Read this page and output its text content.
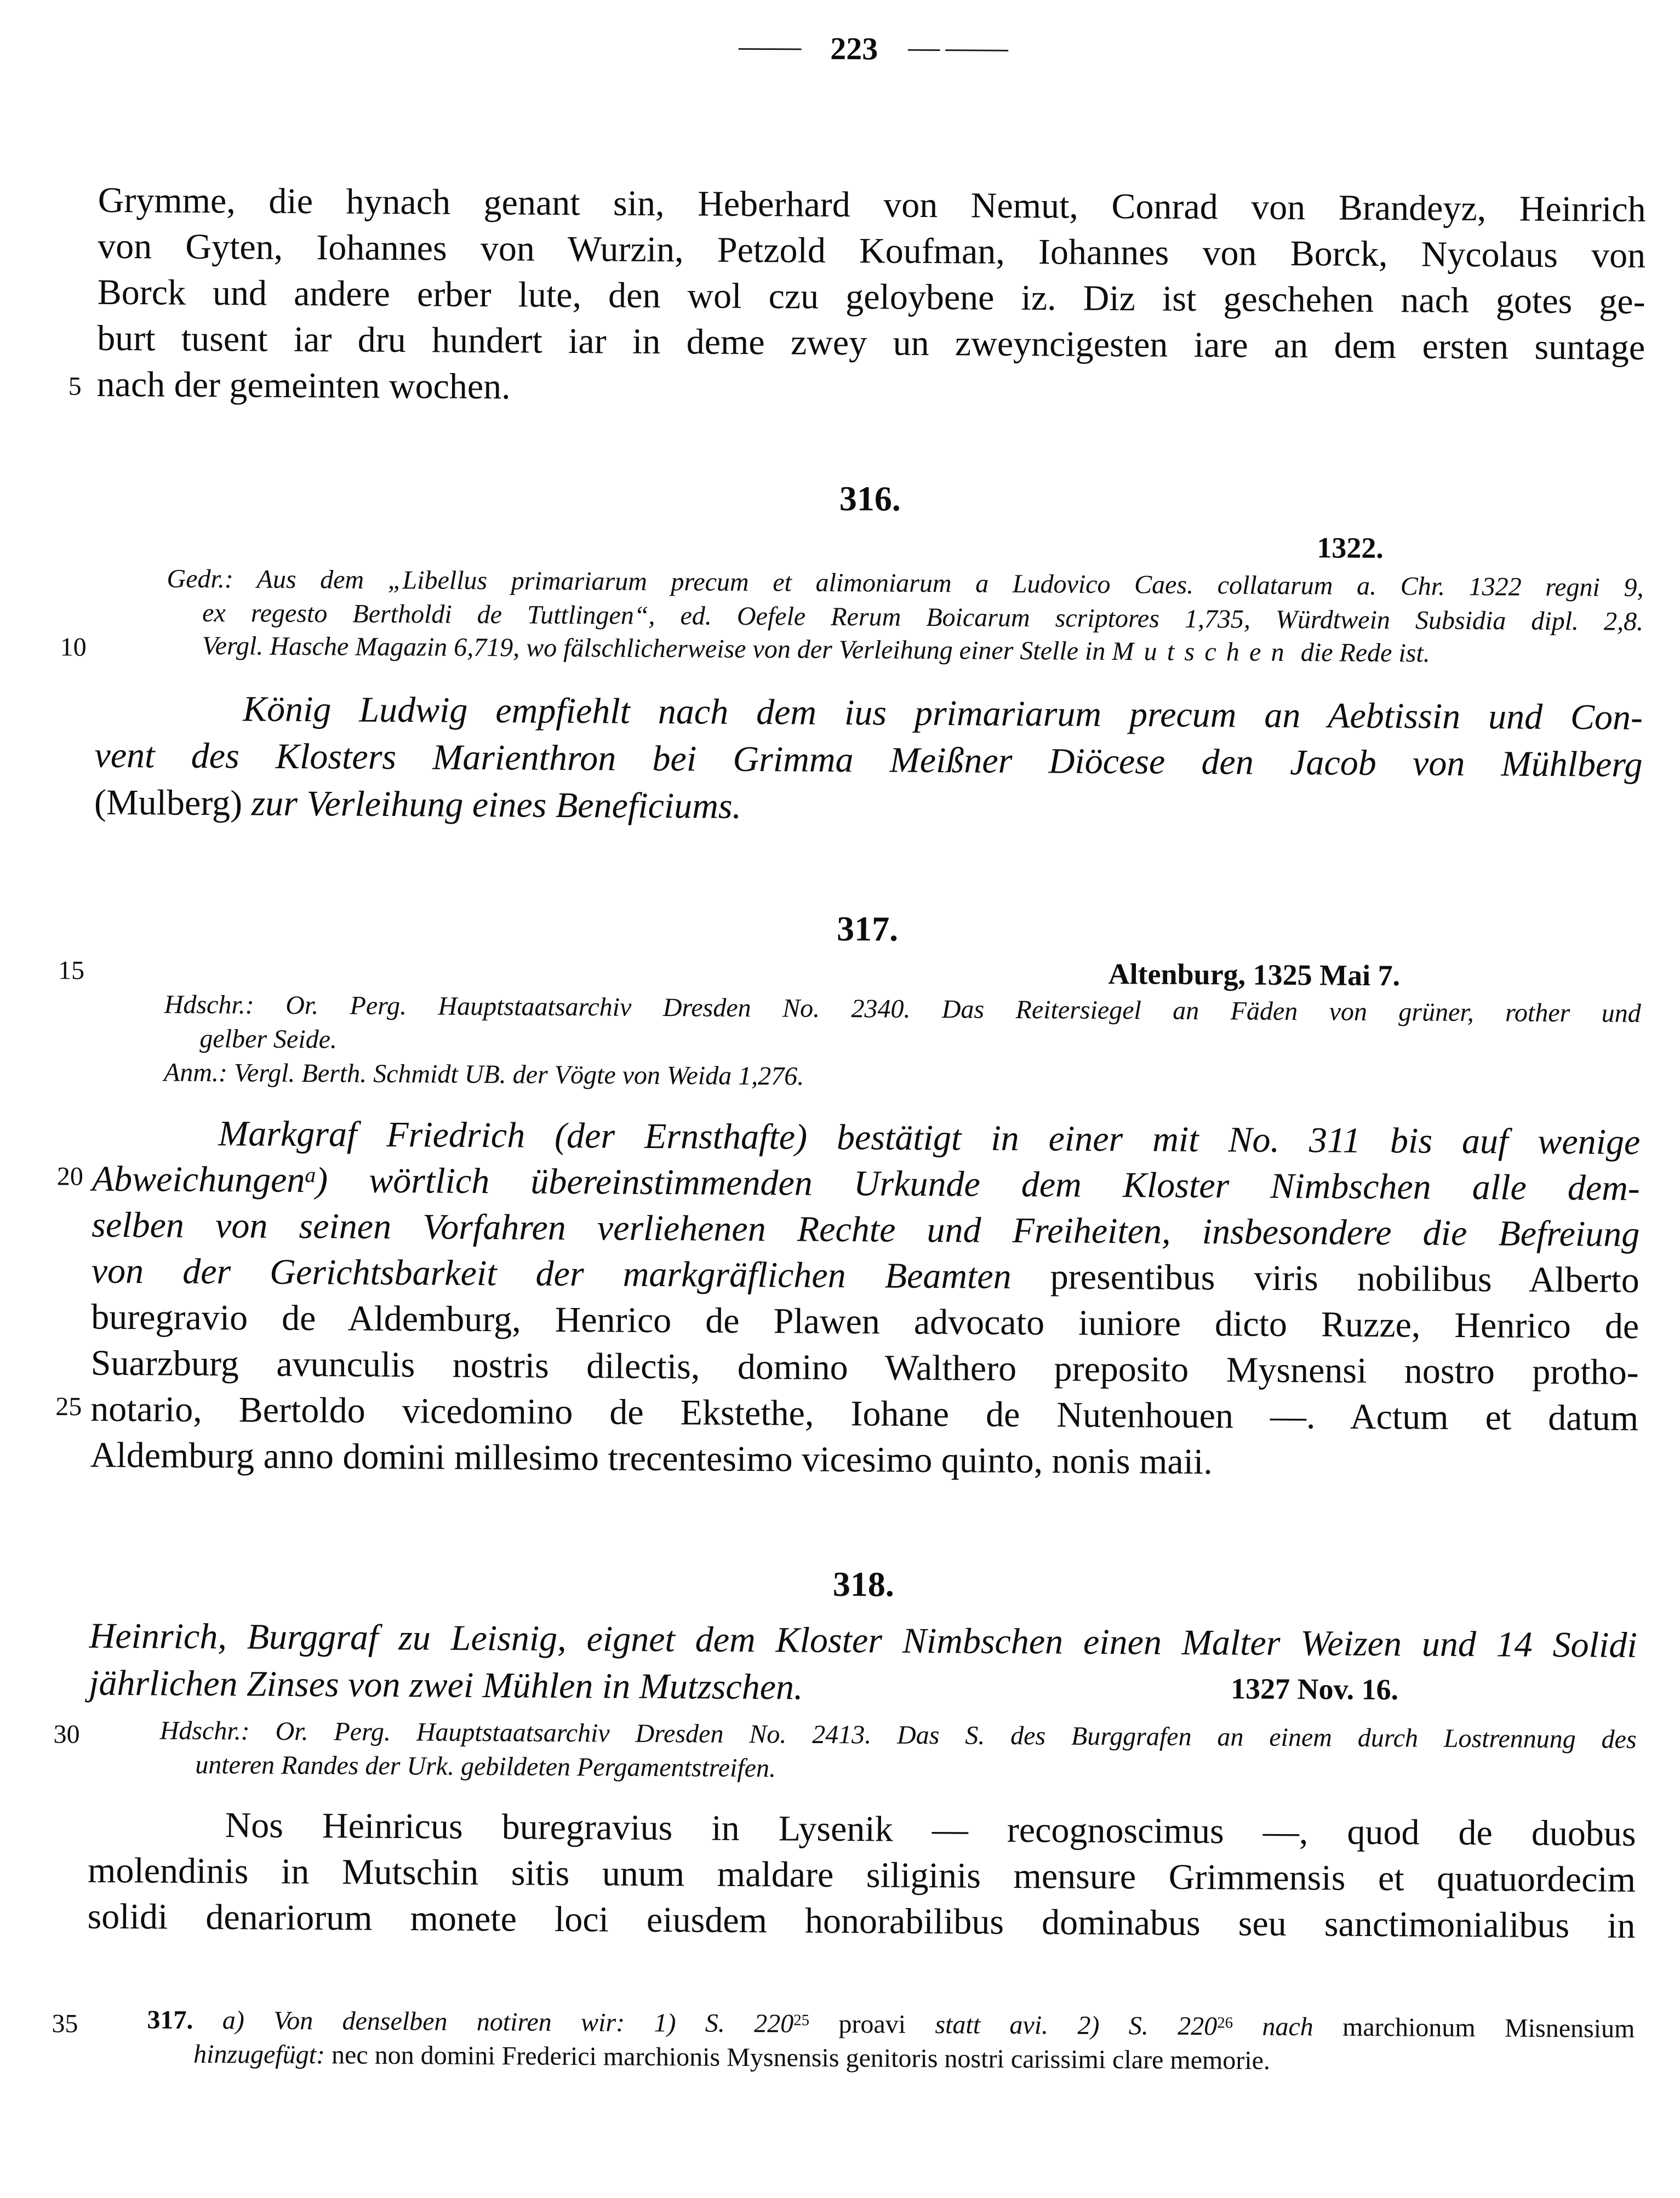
—— 223 — ——
5
10
15
20
25
30
35
Grymme, die hynach genant sin, Heberhard von Nemut, Conrad von Brandeyz, Heinrich
von Gyten, Iohannes von Wurzin, Petzold Koufman, Iohannes von Borck, Nycolaus von
Borck und andere erber lute, den wol czu geloybene iz. Diz ist geschehen nach gotes ge-
burt tusent iar dru hundert iar in deme zwey un zweyncigesten iare an dem ersten suntage
nach der gemeinten wochen.
316.
1322.
Gedr.: Aus dem „Libellus primariarum precum et alimoniarum a Ludovico Caes. collatarum a. Chr. 1322 regni 9,
ex regesto Bertholdi de Tuttlingen“, ed. Oefele Rerum Boicarum scriptores 1,735, Würdtwein Subsidia dipl. 2,8.
Vergl. Hasche Magazin 6,719, wo fälschlicherweise von der Verleihung einer Stelle in Mutschen die Rede ist.
König Ludwig empfiehlt nach dem ius primariarum precum an Aebtissin und Con-
vent des Klosters Marienthron bei Grimma Meißner Diöcese den Jacob von Mühlberg
(Mulberg) zur Verleihung eines Beneficiums.
317.
Altenburg, 1325 Mai 7.
Hdschr.: Or. Perg. Hauptstaatsarchiv Dresden No. 2340. Das Reitersiegel an Fäden von grüner, rother und
gelber Seide.
Anm.: Vergl. Berth. Schmidt UB. der Vögte von Weida 1,276.
Markgraf Friedrich (der Ernsthafte) bestätigt in einer mit No. 311 bis auf wenige
Abweichungen$^a$) wörtlich übereinstimmenden Urkunde dem Kloster Nimbschen alle dem-
selben von seinen Vorfahren verliehenen Rechte und Freiheiten, insbesondere die Befreiung
von der Gerichtsbarkeit der markgräflichen Beamten presentibus viris nobilibus Alberto
buregravio de Aldemburg, Henrico de Plawen advocato iuniore dicto Ruzze, Henrico de
Suarzburg avunculis nostris dilectis, domino Walthero preposito Mysnensi nostro protho-
notario, Bertoldo vicedomino de Ekstethe, Iohane de Nutenhouen —. Actum et datum
Aldemburg anno domini millesimo trecentesimo vicesimo quinto, nonis maii.
318.
Heinrich, Burggraf zu Leisnig, eignet dem Kloster Nimbschen einen Malter Weizen und 14 Solidi
jährlichen Zinses von zwei Mühlen in Mutzschen.	1327 Nov. 16.
Hdschr.: Or. Perg. Hauptstaatsarchiv Dresden No. 2413. Das S. des Burggrafen an einem durch Lostrennung des
unteren Randes der Urk. gebildeten Pergamentstreifen.
Nos Heinricus buregravius in Lysenik — recognoscimus —, quod de duobus
molendinis in Mutschin sitis unum maldare siliginis mensure Grimmensis et quatuordecim
solidi denariorum monete loci eiusdem honorabilibus dominabus seu sanctimonialibus in
317. a) Von denselben notiren wir: 1) S. $220^{25}$ proavi statt avi. 2) S. $220^{26}$ nach marchionum Misnensium
hinzugefügt: nec non domini Frederici marchionis Mysnensis genitoris nostri carissimi clare memorie.
